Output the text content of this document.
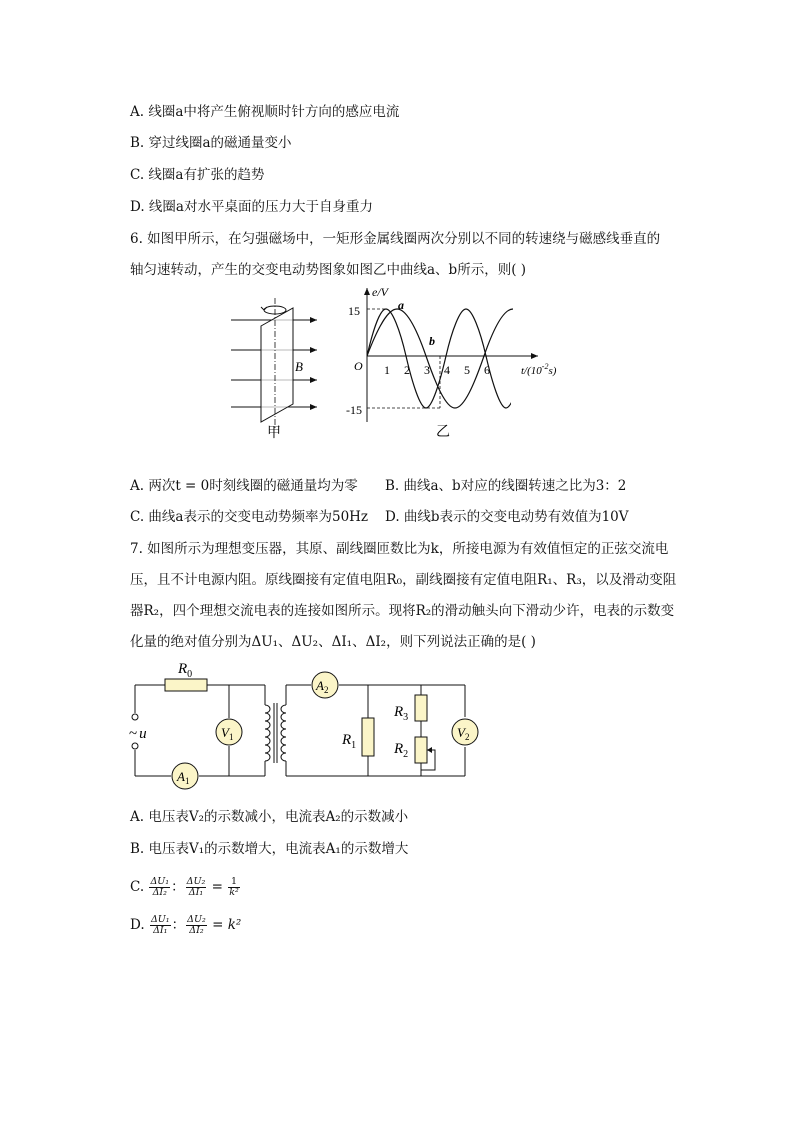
A. 线圈a中将产生俯视顺时针方向的感应电流
B. 穿过线圈a的磁通量变小
C. 线圈a有扩张的趋势
D. 线圈a对水平桌面的压力大于自身重力
6. 如图甲所示，在匀强磁场中，一矩形金属线圈两次分别以不同的转速绕与磁感线垂直的
轴匀速转动，产生的交变电动势图象如图乙中曲线a、b所示，则( )
B
甲
e/V
O
15
-15
$t/(10^{-2}s)$
1 2 3 4 5 6
a
b
乙
A. 两次t = 0时刻线圈的磁通量均为零 B. 曲线a、b对应的线圈转速之比为3：2
C. 曲线a表示的交变电动势频率为50Hz D. 曲线b表示的交变电动势有效值为10V
7. 如图所示为理想变压器，其原、副线圈匝数比为k，所接电源为有效值恒定的正弦交流电
压，且不计电源内阻。原线圈接有定值电阻R₀，副线圈接有定值电阻R₁、R₃，以及滑动变阻
器R₂，四个理想交流电表的连接如图所示。现将R₂的滑动触头向下滑动少许，电表的示数变
化量的绝对值分别为ΔU₁、ΔU₂、ΔI₁、ΔI₂，则下列说法正确的是( )
$R_0$
$V_1$
$A_1$
$A_2$
$V_2$
$R_1$
$R_3$
$R_2$
~ u
A. 电压表V₂的示数减小，电流表A₂的示数减小
B. 电压表V₁的示数增大，电流表A₁的示数增大
C. $\frac{\text{ΔU₁}}{\text{ΔI₂}}$ ： $\frac{\text{ΔU₂}}{\text{ΔI₁}} = \frac{1}{\text{k²}}$
D. $\frac{\text{ΔU₁}}{\text{ΔI₁}}$ ： $\frac{\text{ΔU₂}}{\text{ΔI₂}} = k^2$
